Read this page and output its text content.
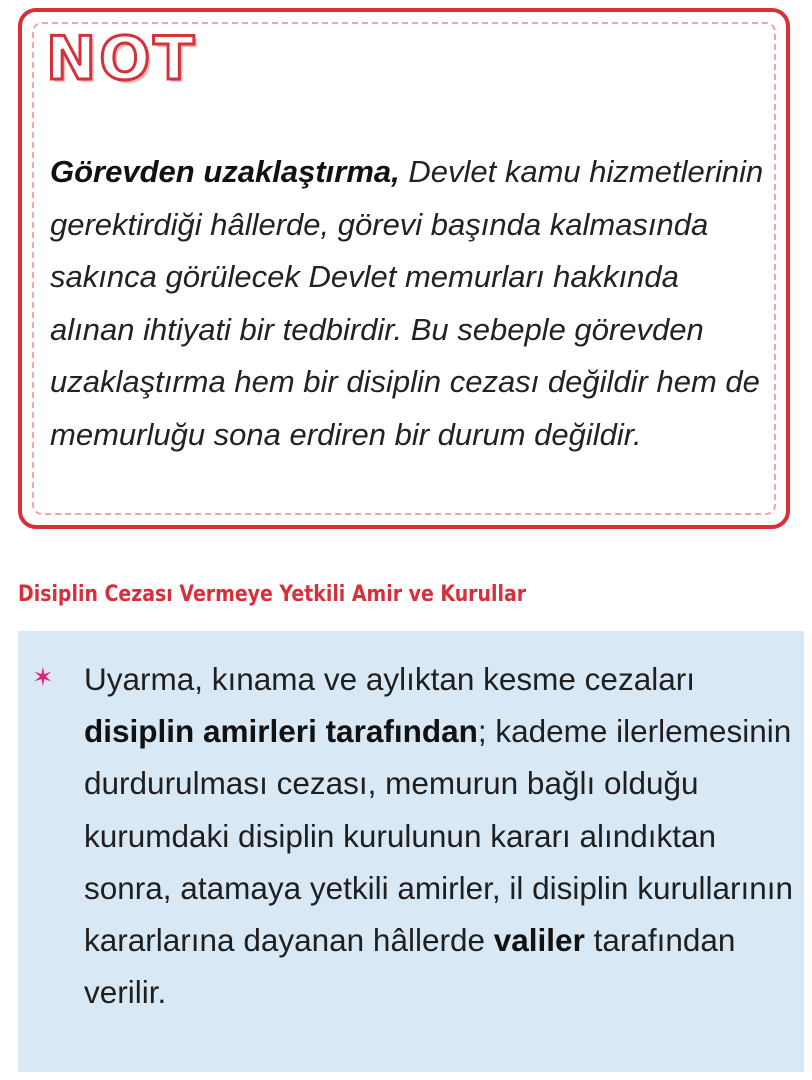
NOT

Görevden uzaklaştırma, Devlet kamu hizmetlerinin gerektirdiği hâllerde, görevi başında kalmasında sakınca görülecek Devlet memurları hakkında alınan ihtiyati bir tedbirdir. Bu sebeple görevden uzaklaştırma hem bir disiplin cezası değildir hem de memurluğu sona erdiren bir durum değildir.

Disiplin Cezası Vermeye Yetkili Amir ve Kurullar
✶ Uyarma, kınama ve aylıktan kesme cezaları disiplin amirleri tarafından; kademe ilerlemesinin durdurulması cezası, memurun bağlı olduğu kurumdaki disiplin kurulunun kararı alındıktan sonra, atamaya yetkili amirler, il disiplin kurullarının kararlarına dayanan hâllerde valiler tarafından verilir.
